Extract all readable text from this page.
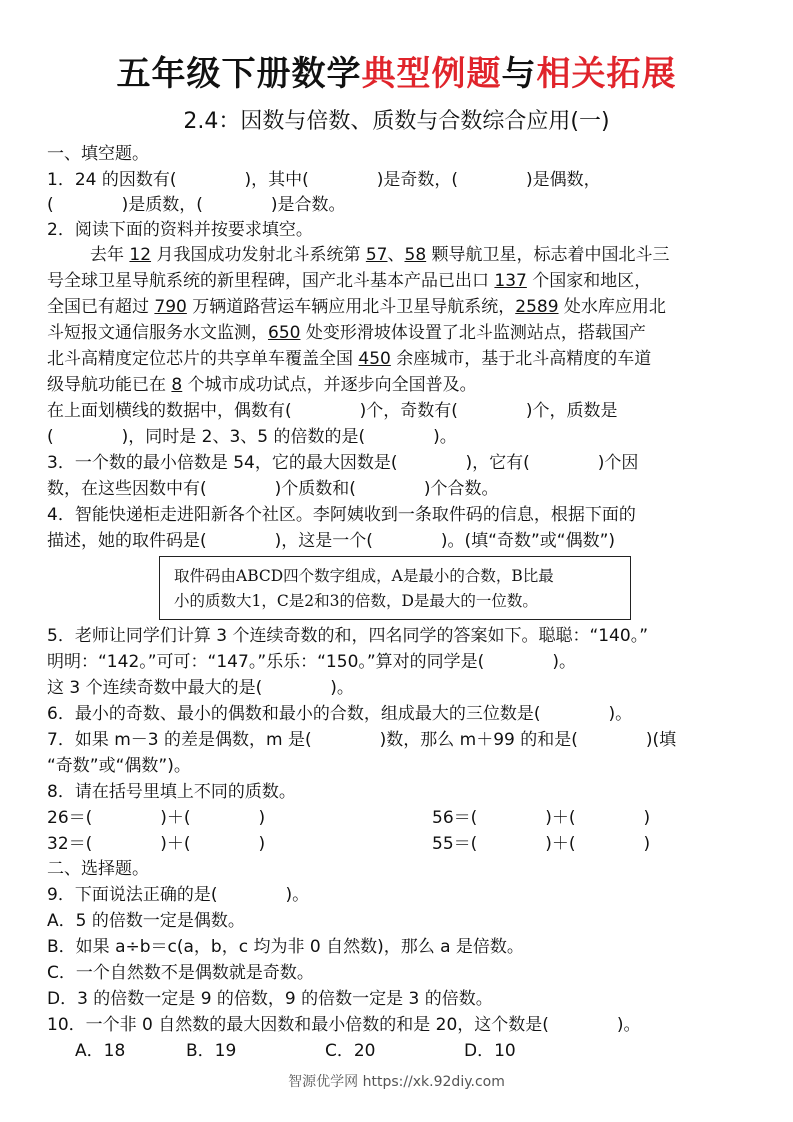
五年级下册数学典型例题与相关拓展
2.4：因数与倍数、质数与合数综合应用(一)
一、填空题。
1．24 的因数有(　　　　)，其中(　　　　)是奇数，(　　　　)是偶数，
(　　　　)是质数，(　　　　)是合数。
2．阅读下面的资料并按要求填空。
　去年 12 月我国成功发射北斗系统第 57、58 颗导航卫星，标志着中国北斗三
号全球卫星导航系统的新里程碑，国产北斗基本产品已出口 137 个国家和地区，
全国已有超过 790 万辆道路营运车辆应用北斗卫星导航系统，2589 处水库应用北
斗短报文通信服务水文监测，650 处变形滑坡体设置了北斗监测站点，搭载国产
北斗高精度定位芯片的共享单车覆盖全国 450 余座城市，基于北斗高精度的车道
级导航功能已在 8 个城市成功试点，并逐步向全国普及。
在上面划横线的数据中，偶数有(　　　　)个，奇数有(　　　　)个，质数是
(　　　　)，同时是 2、3、5 的倍数的是(　　　　)。
3．一个数的最小倍数是 54，它的最大因数是(　　　　)，它有(　　　　)个因
数，在这些因数中有(　　　　)个质数和(　　　　)个合数。
4．智能快递柜走进阳新各个社区。李阿姨收到一条取件码的信息，根据下面的
描述，她的取件码是(　　　　)，这是一个(　　　　)。(填“奇数”或“偶数”)
取件码由ABCD四个数字组成，A是最小的合数，B比最
小的质数大1，C是2和3的倍数，D是最大的一位数。
5．老师让同学们计算 3 个连续奇数的和，四名同学的答案如下。聪聪：“140。”
明明：“142。”可可：“147。”乐乐：“150。”算对的同学是(　　　　)。
这 3 个连续奇数中最大的是(　　　　)。
6．最小的奇数、最小的偶数和最小的合数，组成最大的三位数是(　　　　)。
7．如果 m－3 的差是偶数，m 是(　　　　)数，那么 m＋99 的和是(　　　　)(填
“奇数”或“偶数”)。
8．请在括号里填上不同的质数。
26＝(　　　　)＋(　　　　)	56＝(　　　　)＋(　　　　)
32＝(　　　　)＋(　　　　)	55＝(　　　　)＋(　　　　)
二、选择题。
9．下面说法正确的是(　　　　)。
A．5 的倍数一定是偶数。
B．如果 a÷b＝c(a，b，c 均为非 0 自然数)，那么 a 是倍数。
C．一个自然数不是偶数就是奇数。
D．3 的倍数一定是 9 的倍数，9 的倍数一定是 3 的倍数。
10．一个非 0 自然数的最大因数和最小倍数的和是 20，这个数是(　　　　)。
A．18	B．19	C．20	D．10
智源优学网 https://xk.92diy.com
